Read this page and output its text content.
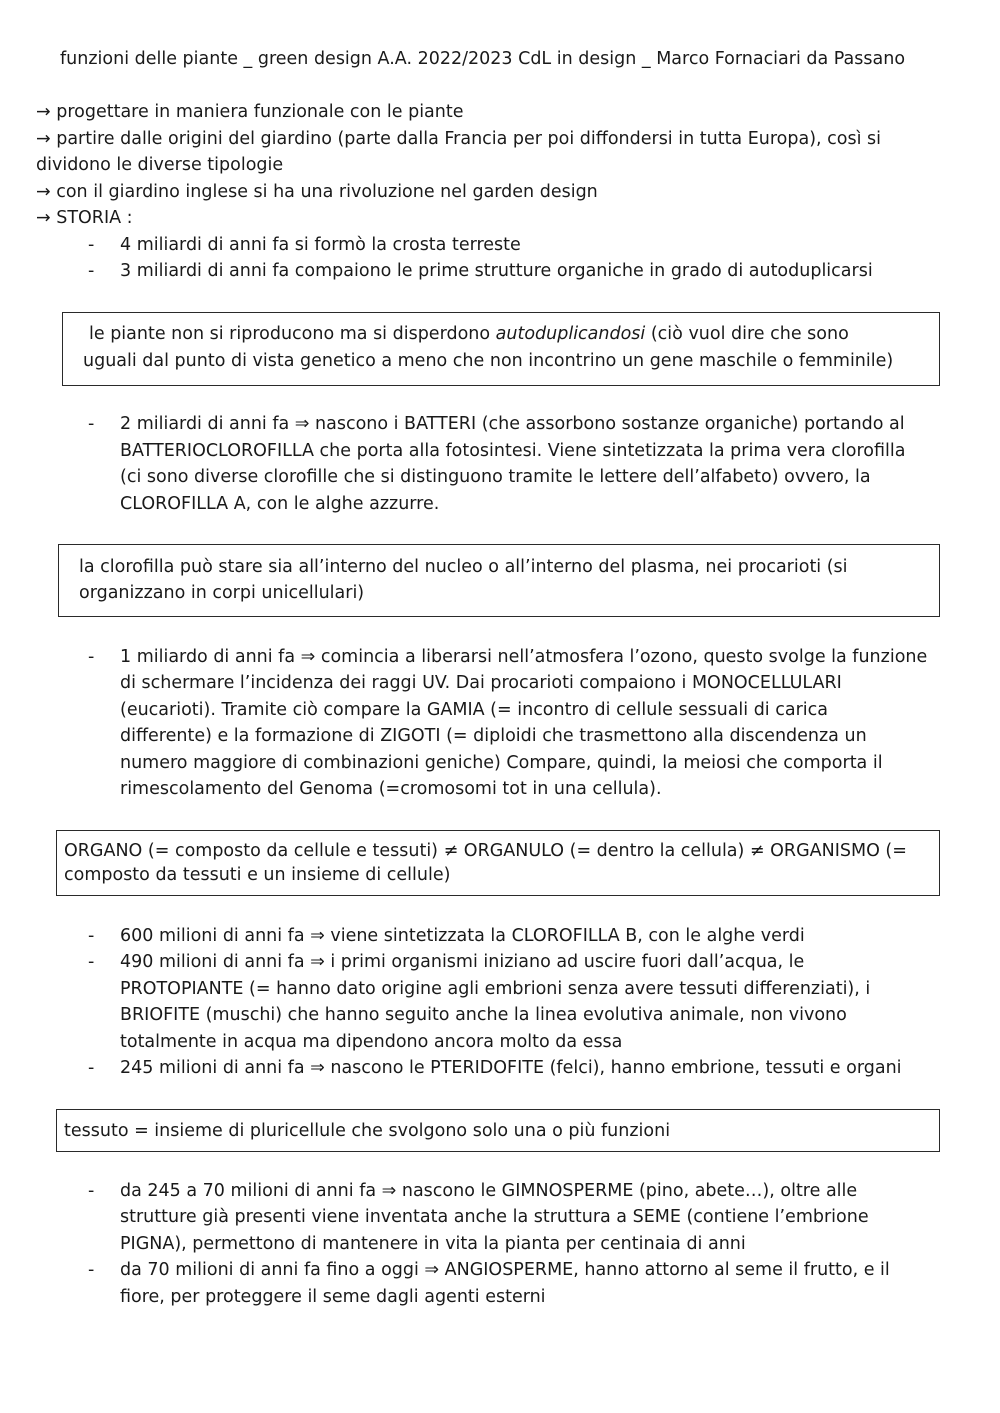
funzioni delle piante _ green design A.A. 2022/2023 CdL in design _ Marco Fornaciari da Passano
→ progettare in maniera funzionale con le piante
→ partire dalle origini del giardino (parte dalla Francia per poi diffondersi in tutta Europa), così si
dividono le diverse tipologie
→ con il giardino inglese si ha una rivoluzione nel garden design
→ STORIA :
- 4 miliardi di anni fa si formò la crosta terreste
- 3 miliardi di anni fa compaiono le prime strutture organiche in grado di autoduplicarsi
le piante non si riproducono ma si disperdono autoduplicandosi (ciò vuol dire che sono
uguali dal punto di vista genetico a meno che non incontrino un gene maschile o femminile)
- 2 miliardi di anni fa ⇒ nascono i BATTERI (che assorbono sostanze organiche) portando al
BATTERIOCLOROFILLA che porta alla fotosintesi. Viene sintetizzata la prima vera clorofilla
(ci sono diverse clorofille che si distinguono tramite le lettere dell’alfabeto) ovvero, la
CLOROFILLA A, con le alghe azzurre.
la clorofilla può stare sia all’interno del nucleo o all’interno del plasma, nei procarioti (si
organizzano in corpi unicellulari)
- 1 miliardo di anni fa ⇒ comincia a liberarsi nell’atmosfera l’ozono, questo svolge la funzione
di schermare l’incidenza dei raggi UV. Dai procarioti compaiono i MONOCELLULARI
(eucarioti). Tramite ciò compare la GAMIA (= incontro di cellule sessuali di carica
differente) e la formazione di ZIGOTI (= diploidi che trasmettono alla discendenza un
numero maggiore di combinazioni geniche) Compare, quindi, la meiosi che comporta il
rimescolamento del Genoma (=cromosomi tot in una cellula).
ORGANO (= composto da cellule e tessuti) ≠ ORGANULO (= dentro la cellula) ≠ ORGANISMO (=
composto da tessuti e un insieme di cellule)
- 600 milioni di anni fa ⇒ viene sintetizzata la CLOROFILLA B, con le alghe verdi
- 490 milioni di anni fa ⇒ i primi organismi iniziano ad uscire fuori dall’acqua, le
PROTOPIANTE (= hanno dato origine agli embrioni senza avere tessuti differenziati), i
BRIOFITE (muschi) che hanno seguito anche la linea evolutiva animale, non vivono
totalmente in acqua ma dipendono ancora molto da essa
- 245 milioni di anni fa ⇒ nascono le PTERIDOFITE (felci), hanno embrione, tessuti e organi
tessuto = insieme di pluricellule che svolgono solo una o più funzioni
- da 245 a 70 milioni di anni fa ⇒ nascono le GIMNOSPERME (pino, abete…), oltre alle
strutture già presenti viene inventata anche la struttura a SEME (contiene l’embrione
PIGNA), permettono di mantenere in vita la pianta per centinaia di anni
- da 70 milioni di anni fa fino a oggi ⇒ ANGIOSPERME, hanno attorno al seme il frutto, e il
fiore, per proteggere il seme dagli agenti esterni
